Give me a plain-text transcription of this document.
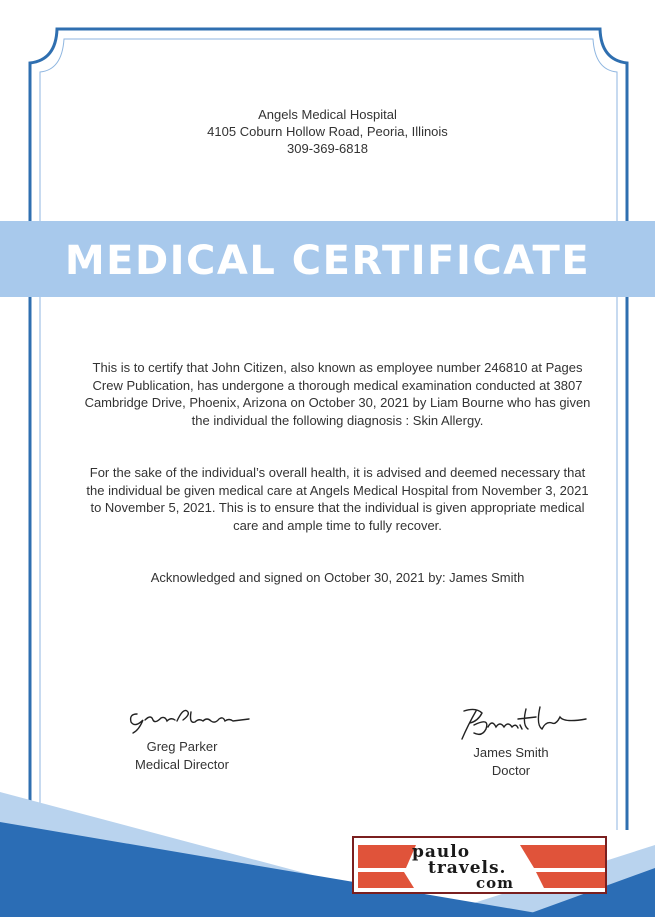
Angels Medical Hospital
4105 Coburn Hollow Road, Peoria, Illinois
309-369-6818
MEDICAL CERTIFICATE

This is to certify that John Citizen, also known as employee number 246810 at Pages Crew Publication, has undergone a thorough medical examination conducted at 3807 Cambridge Drive, Phoenix, Arizona on October 30, 2021 by Liam Bourne who has given the individual the following diagnosis : Skin Allergy.

For the sake of the individual’s overall health, it is advised and deemed necessary that the individual be given medical care at Angels Medical Hospital from November 3, 2021 to November 5, 2021. This is to ensure that the individual is given appropriate medical care and ample time to fully recover.

Acknowledged and signed on October 30, 2021 by: James Smith

Greg Parker
Medical Director
James Smith
Doctor
paulo
travels.
com
